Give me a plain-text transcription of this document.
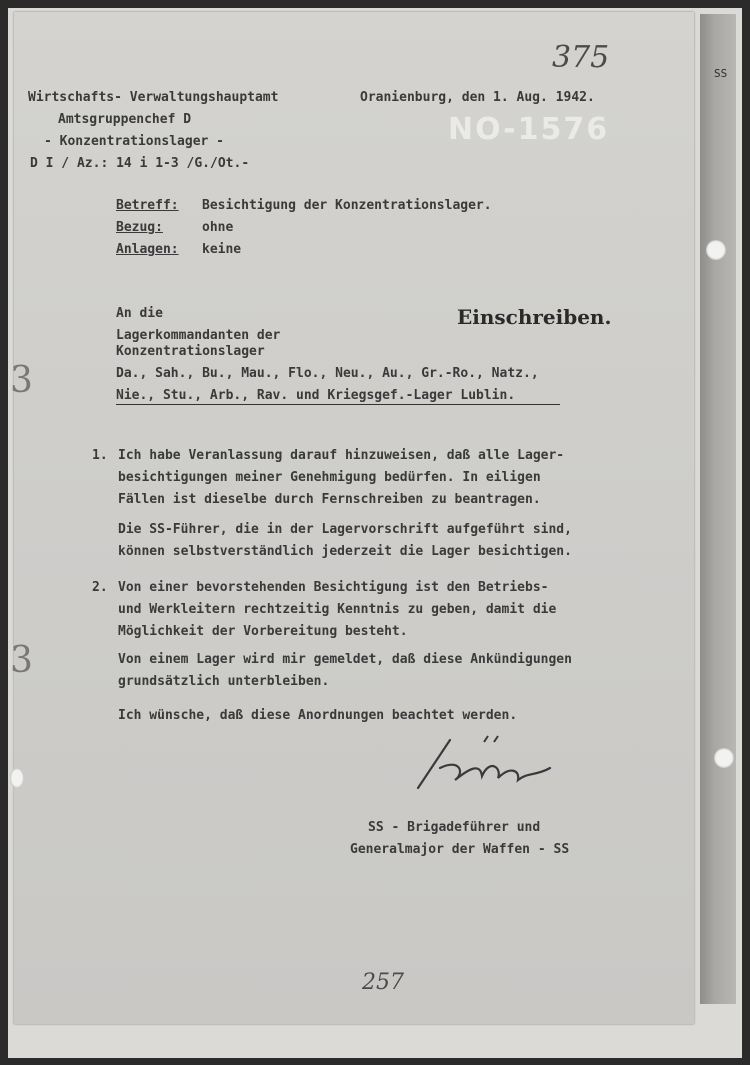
375
NO-1576
SS
Wirtschafts- Verwaltungshauptamt
Amtsgruppenchef D
- Konzentrationslager -
D I / Az.: 14 i 1-3 /G./Ot.-
Oranienburg, den 1. Aug. 1942.
Betreff: Besichtigung der Konzentrationslager.
Bezug:	ohne
Anlagen: keine
Einschreiben.
An die
Lagerkommandanten der
Konzentrationslager
Da., Sah., Bu., Mau., Flo., Neu., Au., Gr.-Ro., Natz.,
Nie., Stu., Arb., Rav. und Kriegsgef.-Lager Lublin.
1. Ich habe Veranlassung darauf hinzuweisen, daß alle Lager-
besichtigungen meiner Genehmigung bedürfen. In eiligen
Fällen ist dieselbe durch Fernschreiben zu beantragen.
Die SS-Führer, die in der Lagervorschrift aufgeführt sind,
können selbstverständlich jederzeit die Lager besichtigen.
2. Von einer bevorstehenden Besichtigung ist den Betriebs-
und Werkleitern rechtzeitig Kenntnis zu geben, damit die
Möglichkeit der Vorbereitung besteht.
Von einem Lager wird mir gemeldet, daß diese Ankündigungen
grundsätzlich unterbleiben.
Ich wünsche, daß diese Anordnungen beachtet werden.
SS - Brigadeführer und
Generalmajor der Waffen - SS
257
3
3
